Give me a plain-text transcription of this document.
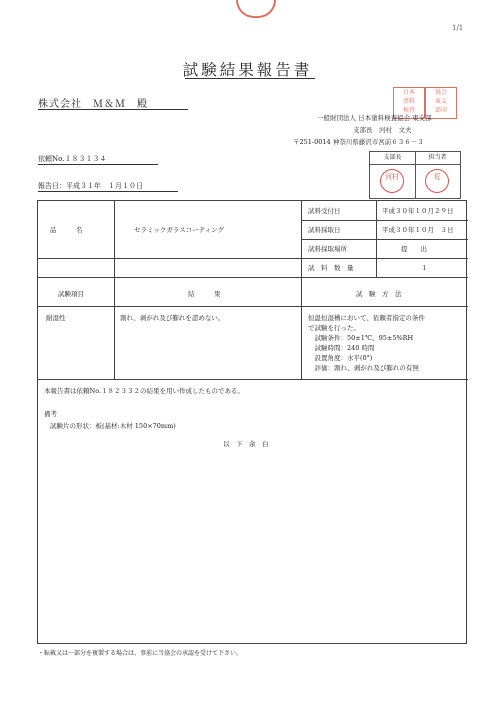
日本
塗料
検査
協会
東支
部印
1/1
試験結果報告書
株式会社　Ｍ＆Ｍ　殿
一般財団法人 日本塗料検査協会 東支部
支部長　河村　文夫
〒251-0014 神奈川県藤沢市宮前６３６－３
支部長	担当者
河村	荒
依頼No.１８３１３４
報告日：平成３１年　１月１０日
品　　　名	セラミックガラスコーティング
試料受付日	平成３０年１０月２９日
試料採取日	平成３０年１０月　３日
試料採取場所	提　　出
試　料　数　量	１
試験項目	結　　　果	試　験　方　法
耐湿性	割れ、剥がれ及び膨れを認めない。	恒温恒湿槽において、依頼者指定の条件
で試験を行った。
　試験条件：50±1℃、95±5%RH
　試験時間：240 時間
　設置角度：水平(0°)
　評価：割れ、剥がれ及び膨れの有無
本報告書は依頼No.１８２３３２の結果を用い作成したものである。
備考
試験片の形状：板(基材:木材 150×70mm)
以　下　余　白
・転載又は一部分を複製する場合は、事前に当協会の承認を受けて下さい。
